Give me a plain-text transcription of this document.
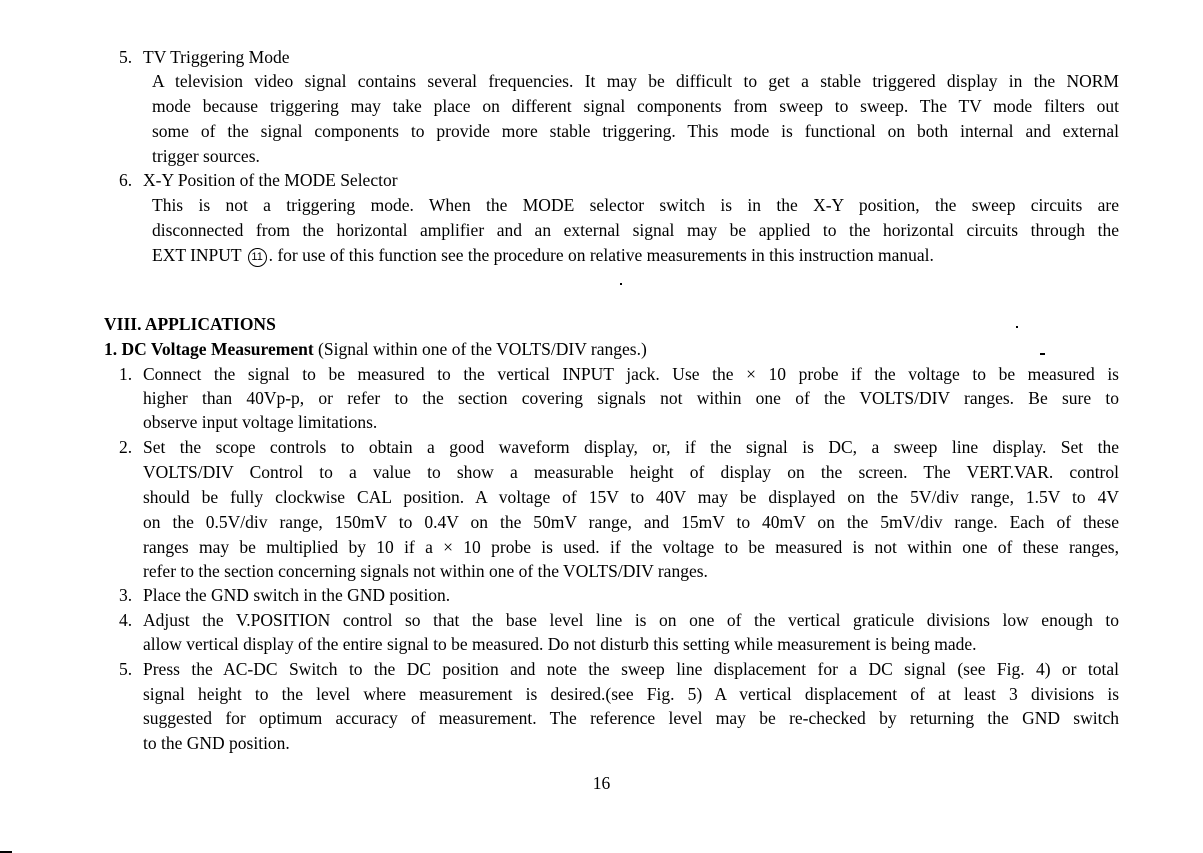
5. TV Triggering Mode
A television video signal contains several frequencies. It may be difficult to get a stable triggered display in the NORM
mode because triggering may take place on different signal components from sweep to sweep. The TV mode filters out
some of the signal components to provide more stable triggering. This mode is functional on both internal and external
trigger sources.
6. X-Y Position of the MODE Selector
This is not a triggering mode. When the MODE selector switch is in the X-Y position, the sweep circuits are
disconnected from the horizontal amplifier and an external signal may be applied to the horizontal circuits through the
EXT INPUT 11 . for use of this function see the procedure on relative measurements in this instruction manual.
VIII. APPLICATIONS
1. DC Voltage Measurement (Signal within one of the VOLTS/DIV ranges.)
1. Connect the signal to be measured to the vertical INPUT jack. Use the × 10 probe if the voltage to be measured is
higher than 40Vp-p, or refer to the section covering signals not within one of the VOLTS/DIV ranges. Be sure to
observe input voltage limitations.
2. Set the scope controls to obtain a good waveform display, or, if the signal is DC, a sweep line display. Set the
VOLTS/DIV Control to a value to show a measurable height of display on the screen. The VERT.VAR. control
should be fully clockwise CAL position. A voltage of 15V to 40V may be displayed on the 5V/div range, 1.5V to 4V
on the 0.5V/div range, 150mV to 0.4V on the 50mV range, and 15mV to 40mV on the 5mV/div range. Each of these
ranges may be multiplied by 10 if a × 10 probe is used. if the voltage to be measured is not within one of these ranges,
refer to the section concerning signals not within one of the VOLTS/DIV ranges.
3. Place the GND switch in the GND position.
4. Adjust the V.POSITION control so that the base level line is on one of the vertical graticule divisions low enough to
allow vertical display of the entire signal to be measured. Do not disturb this setting while measurement is being made.
5. Press the AC-DC Switch to the DC position and note the sweep line displacement for a DC signal (see Fig. 4) or total
signal height to the level where measurement is desired.(see Fig. 5) A vertical displacement of at least 3 divisions is
suggested for optimum accuracy of measurement. The reference level may be re-checked by returning the GND switch
to the GND position.
16
